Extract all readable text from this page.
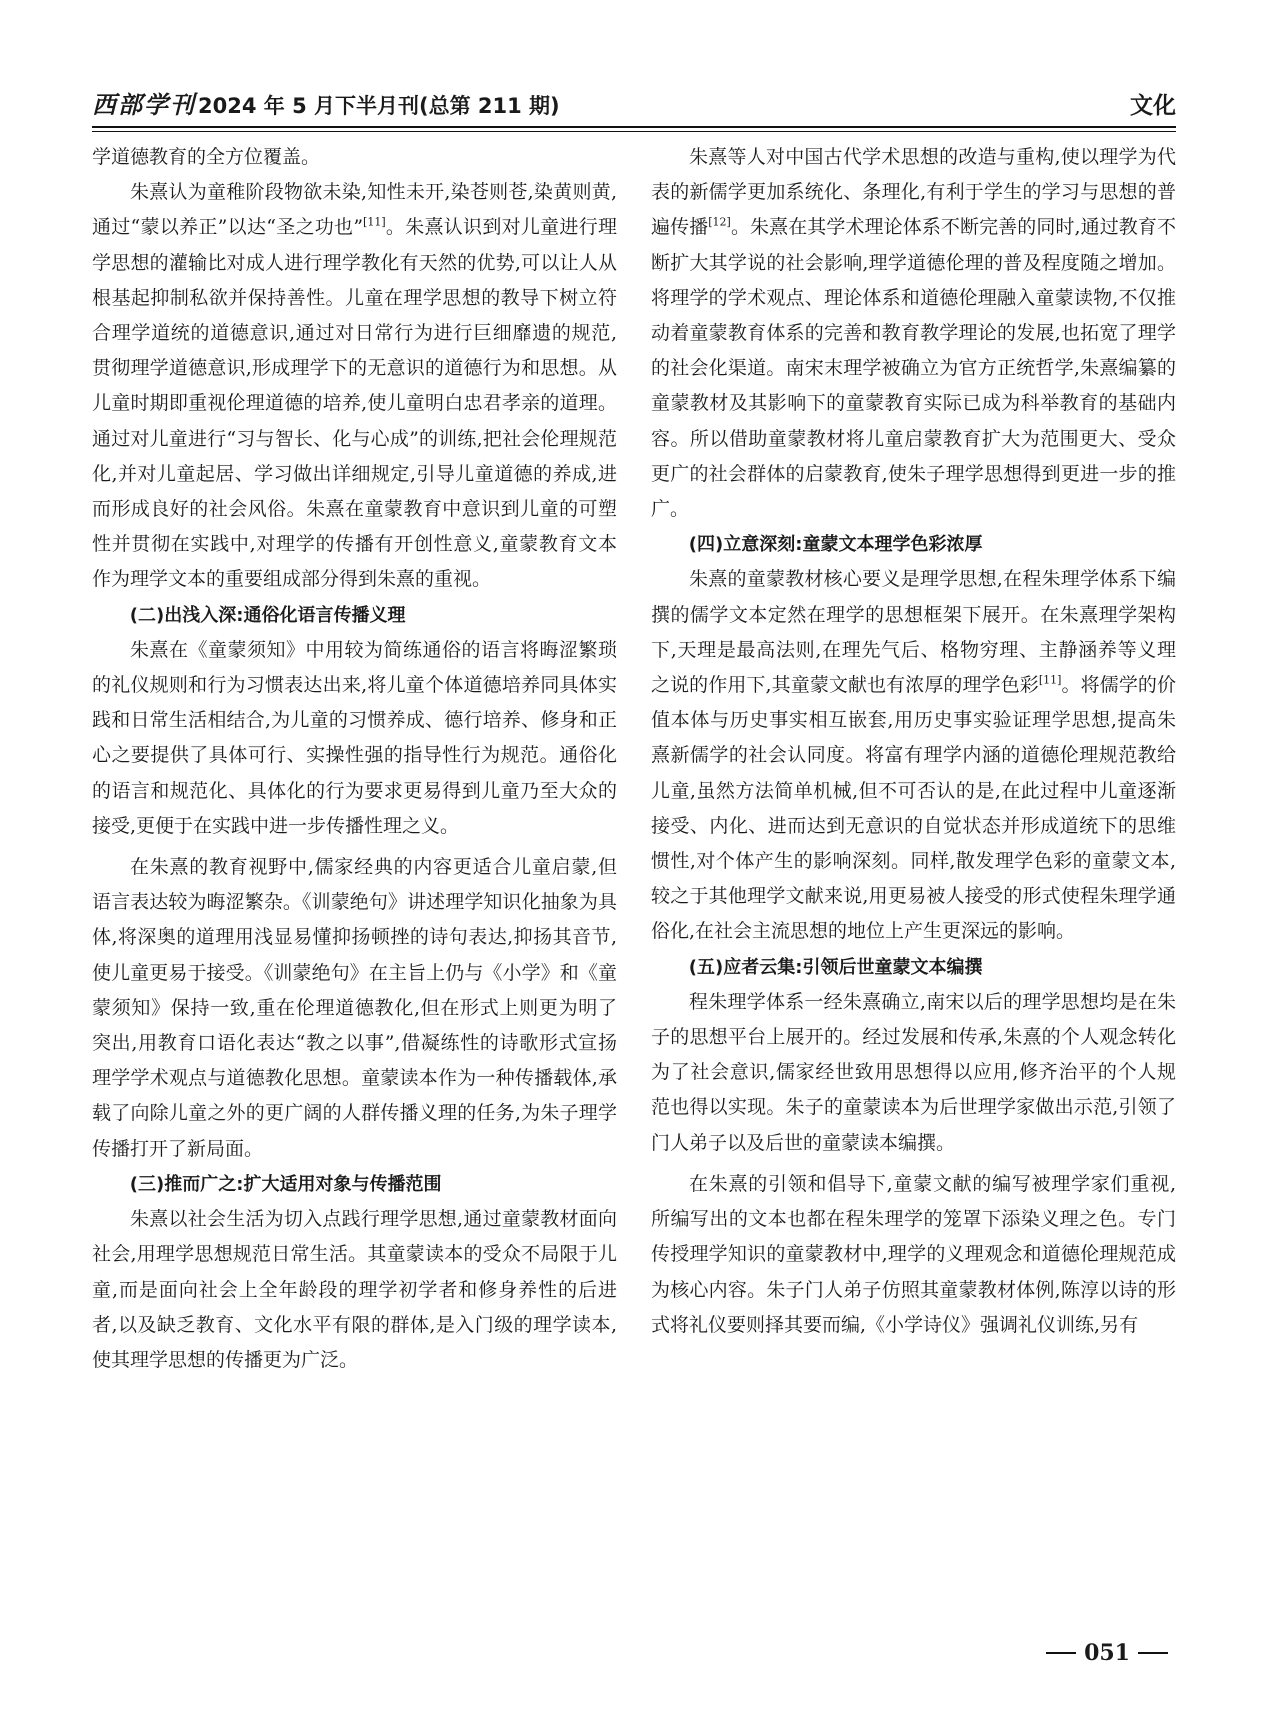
西部学刊 2024 年 5 月下半月刊(总第 211 期)	文化

学道德教育的全方位覆盖。

朱熹认为童稚阶段物欲未染,知性未开,染苍则苍,染黄则黄,通过“蒙以养正”以达“圣之功也”[11]。朱熹认识到对儿童进行理学思想的灌输比对成人进行理学教化有天然的优势,可以让人从根基起抑制私欲并保持善性。儿童在理学思想的教导下树立符合理学道统的道德意识,通过对日常行为进行巨细靡遗的规范,贯彻理学道德意识,形成理学下的无意识的道德行为和思想。从儿童时期即重视伦理道德的培养,使儿童明白忠君孝亲的道理。通过对儿童进行“习与智长、化与心成”的训练,把社会伦理规范化,并对儿童起居、学习做出详细规定,引导儿童道德的养成,进而形成良好的社会风俗。朱熹在童蒙教育中意识到儿童的可塑性并贯彻在实践中,对理学的传播有开创性意义,童蒙教育文本作为理学文本的重要组成部分得到朱熹的重视。

(二)出浅入深:通俗化语言传播义理

朱熹在《童蒙须知》中用较为简练通俗的语言将晦涩繁琐的礼仪规则和行为习惯表达出来,将儿童个体道德培养同具体实践和日常生活相结合,为儿童的习惯养成、德行培养、修身和正心之要提供了具体可行、实操性强的指导性行为规范。通俗化的语言和规范化、具体化的行为要求更易得到儿童乃至大众的接受,更便于在实践中进一步传播性理之义。

在朱熹的教育视野中,儒家经典的内容更适合儿童启蒙,但语言表达较为晦涩繁杂。《训蒙绝句》讲述理学知识化抽象为具体,将深奥的道理用浅显易懂抑扬顿挫的诗句表达,抑扬其音节,使儿童更易于接受。《训蒙绝句》在主旨上仍与《小学》和《童蒙须知》保持一致,重在伦理道德教化,但在形式上则更为明了突出,用教育口语化表达“教之以事”,借凝练性的诗歌形式宣扬理学学术观点与道德教化思想。童蒙读本作为一种传播载体,承载了向除儿童之外的更广阔的人群传播义理的任务,为朱子理学传播打开了新局面。

(三)推而广之:扩大适用对象与传播范围

朱熹以社会生活为切入点践行理学思想,通过童蒙教材面向社会,用理学思想规范日常生活。其童蒙读本的受众不局限于儿童,而是面向社会上全年龄段的理学初学者和修身养性的后进者,以及缺乏教育、文化水平有限的群体,是入门级的理学读本,使其理学思想的传播更为广泛。

朱熹等人对中国古代学术思想的改造与重构,使以理学为代表的新儒学更加系统化、条理化,有利于学生的学习与思想的普遍传播[12]。朱熹在其学术理论体系不断完善的同时,通过教育不断扩大其学说的社会影响,理学道德伦理的普及程度随之增加。将理学的学术观点、理论体系和道德伦理融入童蒙读物,不仅推动着童蒙教育体系的完善和教育教学理论的发展,也拓宽了理学的社会化渠道。南宋末理学被确立为官方正统哲学,朱熹编纂的童蒙教材及其影响下的童蒙教育实际已成为科举教育的基础内容。所以借助童蒙教材将儿童启蒙教育扩大为范围更大、受众更广的社会群体的启蒙教育,使朱子理学思想得到更进一步的推广。

(四)立意深刻:童蒙文本理学色彩浓厚

朱熹的童蒙教材核心要义是理学思想,在程朱理学体系下编撰的儒学文本定然在理学的思想框架下展开。在朱熹理学架构下,天理是最高法则,在理先气后、格物穷理、主静涵养等义理之说的作用下,其童蒙文献也有浓厚的理学色彩[11]。将儒学的价值本体与历史事实相互嵌套,用历史事实验证理学思想,提高朱熹新儒学的社会认同度。将富有理学内涵的道德伦理规范教给儿童,虽然方法简单机械,但不可否认的是,在此过程中儿童逐渐接受、内化、进而达到无意识的自觉状态并形成道统下的思维惯性,对个体产生的影响深刻。同样,散发理学色彩的童蒙文本,较之于其他理学文献来说,用更易被人接受的形式使程朱理学通俗化,在社会主流思想的地位上产生更深远的影响。

(五)应者云集:引领后世童蒙文本编撰

程朱理学体系一经朱熹确立,南宋以后的理学思想均是在朱子的思想平台上展开的。经过发展和传承,朱熹的个人观念转化为了社会意识,儒家经世致用思想得以应用,修齐治平的个人规范也得以实现。朱子的童蒙读本为后世理学家做出示范,引领了门人弟子以及后世的童蒙读本编撰。

在朱熹的引领和倡导下,童蒙文献的编写被理学家们重视,所编写出的文本也都在程朱理学的笼罩下添染义理之色。专门传授理学知识的童蒙教材中,理学的义理观念和道德伦理规范成为核心内容。朱子门人弟子仿照其童蒙教材体例,陈淳以诗的形式将礼仪要则择其要而编,《小学诗仪》强调礼仪训练,另有

051
